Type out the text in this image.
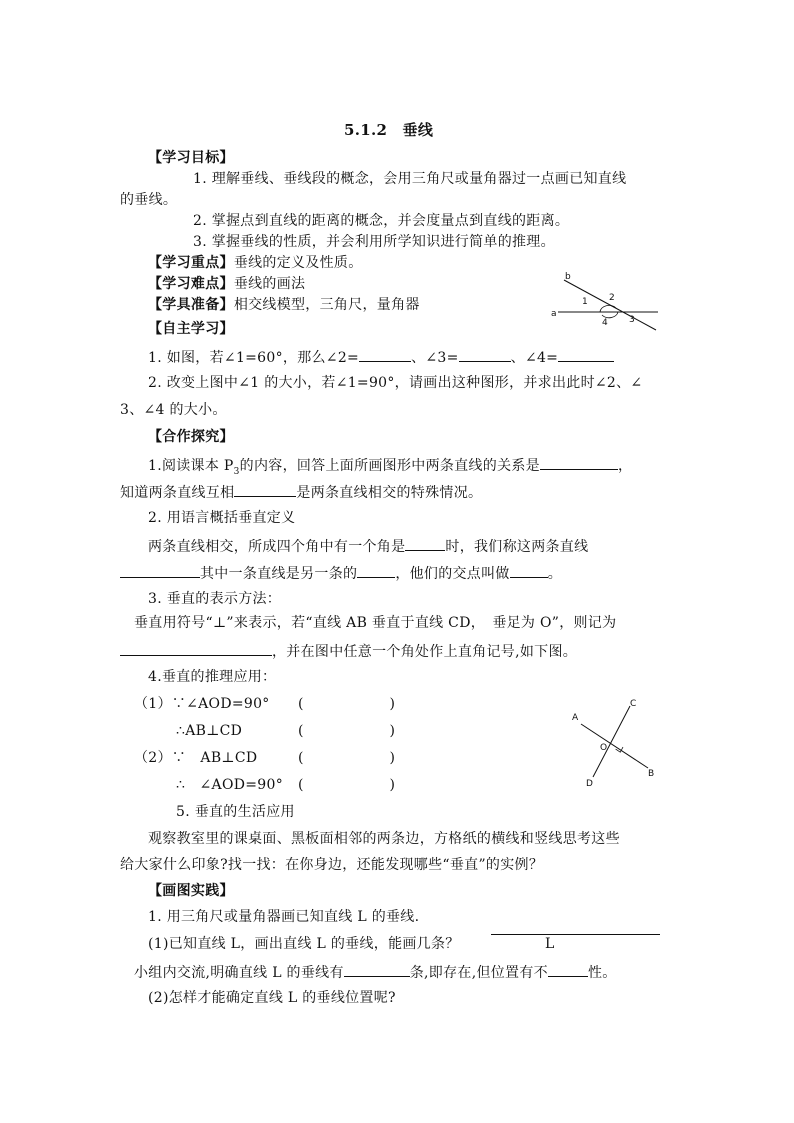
5.1.2　垂线
【学习目标】
1. 理解垂线、垂线段的概念，会用三角尺或量角器过一点画已知直线
的垂线。
2. 掌握点到直线的距离的概念，并会度量点到直线的距离。
3. 掌握垂线的性质，并会利用所学知识进行简单的推理。
【学习重点】垂线的定义及性质。
【学习难点】垂线的画法
【学具准备】相交线模型，三角尺，量角器
b
a
1 2
3
4
【自主学习】
1. 如图，若∠1=60°，那么∠2=	、∠3=	、∠4=
2. 改变上图中∠1 的大小，若∠1=90°，请画出这种图形，并求出此时∠2、∠
3、∠4 的大小。
【合作探究】
1.阅读课本 $P_3$的内容，回答上面所画图形中两条直线的关系是	，
知道两条直线互相	是两条直线相交的特殊情况。
2. 用语言概括垂直定义
两条直线相交，所成四个角中有一个角是	时，我们称这两条直线
其中一条直线是另一条的	，他们的交点叫做	。
3. 垂直的表示方法：
垂直用符号“⊥”来表示，若“直线 AB 垂直于直线 CD，　垂足为 O”，则记为
，并在图中任意一个角处作上直角记号,如下图。
4.垂直的推理应用：
（1）∵∠AOD=90° (　　　　　　)
∴AB⊥CD	(　　　　　　)
（2）∵　AB⊥CD	(　　　　　　)
∴　∠AOD=90° (　　　　　　)
A
C
O
B
D
5. 垂直的生活应用
观察教室里的课桌面、黑板面相邻的两条边，方格纸的横线和竖线思考这些
给大家什么印象?找一找：在你身边，还能发现哪些“垂直”的实例？
【画图实践】
1. 用三角尺或量角器画已知直线 L 的垂线.
(1)已知直线 L，画出直线 L 的垂线，能画几条？	L
小组内交流,明确直线 L 的垂线有	条,即存在,但位置有不	性。
(2)怎样才能确定直线 L 的垂线位置呢?
